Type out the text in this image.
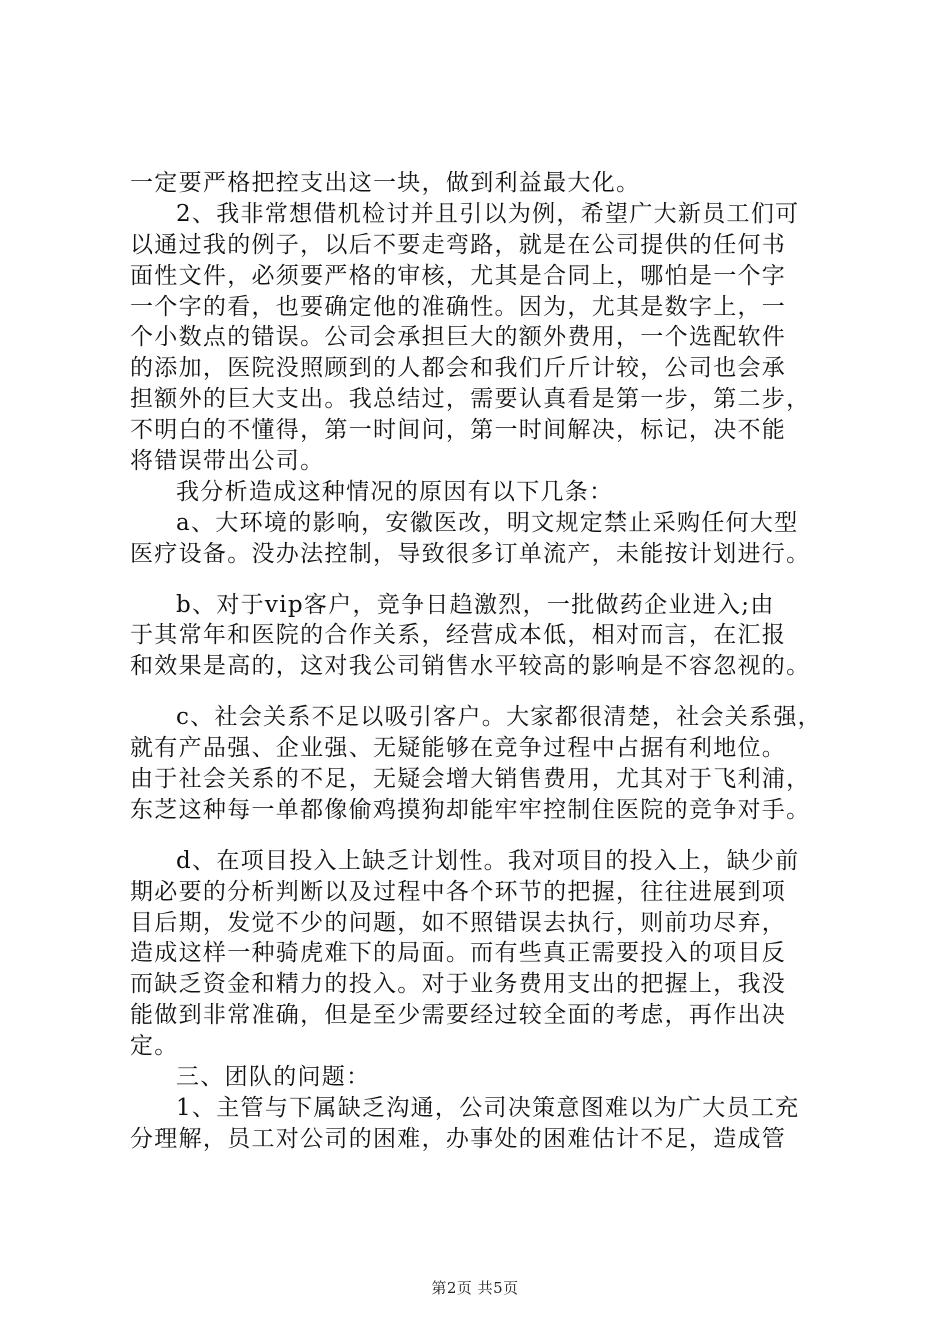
一定要严格把控支出这一块，做到利益最大化。
2、我非常想借机检讨并且引以为例，希望广大新员工们可
以通过我的例子，以后不要走弯路，就是在公司提供的任何书
面性文件，必须要严格的审核，尤其是合同上，哪怕是一个字
一个字的看，也要确定他的准确性。因为，尤其是数字上，一
个小数点的错误。公司会承担巨大的额外费用，一个选配软件
的添加，医院没照顾到的人都会和我们斤斤计较，公司也会承
担额外的巨大支出。我总结过，需要认真看是第一步，第二步，
不明白的不懂得，第一时间问，第一时间解决，标记，决不能
将错误带出公司。
我分析造成这种情况的原因有以下几条：
a、大环境的影响，安徽医改，明文规定禁止采购任何大型
医疗设备。没办法控制，导致很多订单流产，未能按计划进行。
b、对于vip客户，竞争日趋激烈，一批做药企业进入;由
于其常年和医院的合作关系，经营成本低，相对而言，在汇报
和效果是高的，这对我公司销售水平较高的影响是不容忽视的。
c、社会关系不足以吸引客户。大家都很清楚，社会关系强，
就有产品强、企业强、无疑能够在竞争过程中占据有利地位。
由于社会关系的不足，无疑会增大销售费用，尤其对于飞利浦，
东芝这种每一单都像偷鸡摸狗却能牢牢控制住医院的竞争对手。
d、在项目投入上缺乏计划性。我对项目的投入上，缺少前
期必要的分析判断以及过程中各个环节的把握，往往进展到项
目后期，发觉不少的问题，如不照错误去执行，则前功尽弃，
造成这样一种骑虎难下的局面。而有些真正需要投入的项目反
而缺乏资金和精力的投入。对于业务费用支出的把握上，我没
能做到非常准确，但是至少需要经过较全面的考虑，再作出决
定。
三、团队的问题：
1、主管与下属缺乏沟通，公司决策意图难以为广大员工充
分理解，员工对公司的困难，办事处的困难估计不足，造成管
第2页 共5页
